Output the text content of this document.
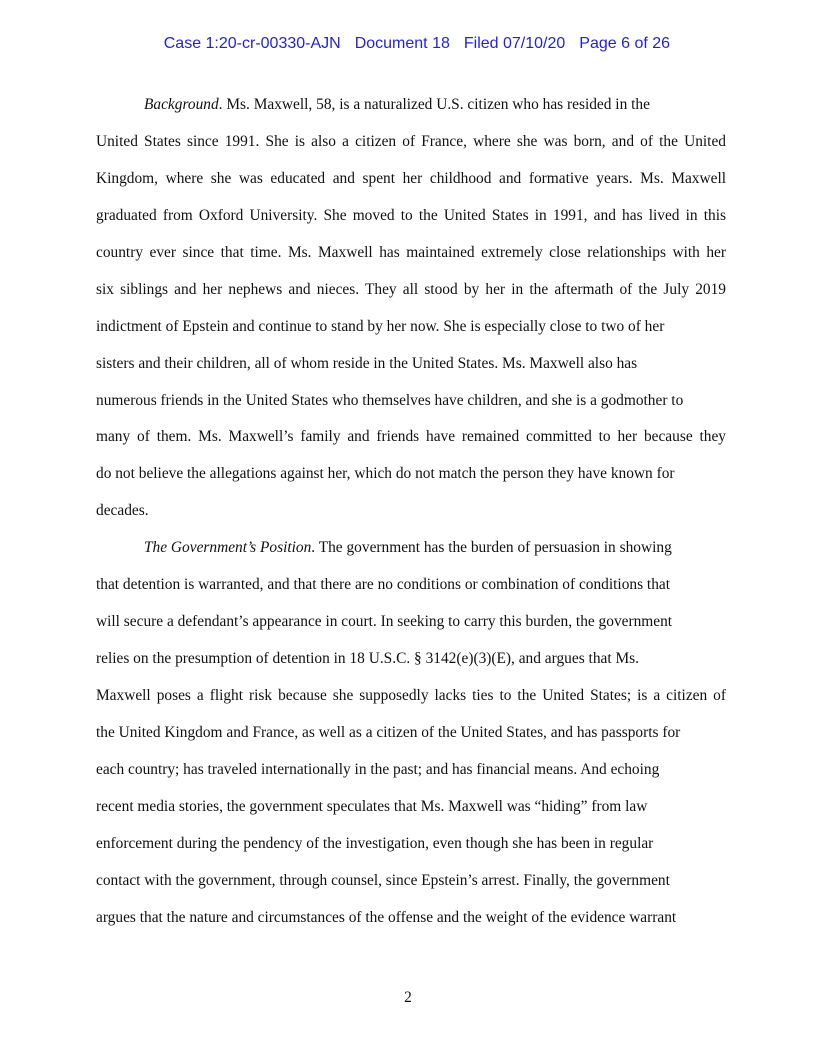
Case 1:20-cr-00330-AJN Document 18 Filed 07/10/20 Page 6 of 26

Background. Ms. Maxwell, 58, is a naturalized U.S. citizen who has resided in the
United States since 1991. She is also a citizen of France, where she was born, and of the United
Kingdom, where she was educated and spent her childhood and formative years. Ms. Maxwell
graduated from Oxford University. She moved to the United States in 1991, and has lived in this
country ever since that time. Ms. Maxwell has maintained extremely close relationships with her
six siblings and her nephews and nieces. They all stood by her in the aftermath of the July 2019
indictment of Epstein and continue to stand by her now. She is especially close to two of her
sisters and their children, all of whom reside in the United States. Ms. Maxwell also has
numerous friends in the United States who themselves have children, and she is a godmother to
many of them. Ms. Maxwell’s family and friends have remained committed to her because they
do not believe the allegations against her, which do not match the person they have known for
decades.
The Government’s Position. The government has the burden of persuasion in showing
that detention is warranted, and that there are no conditions or combination of conditions that
will secure a defendant’s appearance in court. In seeking to carry this burden, the government
relies on the presumption of detention in 18 U.S.C. § 3142(e)(3)(E), and argues that Ms.
Maxwell poses a flight risk because she supposedly lacks ties to the United States; is a citizen of
the United Kingdom and France, as well as a citizen of the United States, and has passports for
each country; has traveled internationally in the past; and has financial means. And echoing
recent media stories, the government speculates that Ms. Maxwell was “hiding” from law
enforcement during the pendency of the investigation, even though she has been in regular
contact with the government, through counsel, since Epstein’s arrest. Finally, the government
argues that the nature and circumstances of the offense and the weight of the evidence warrant
2
